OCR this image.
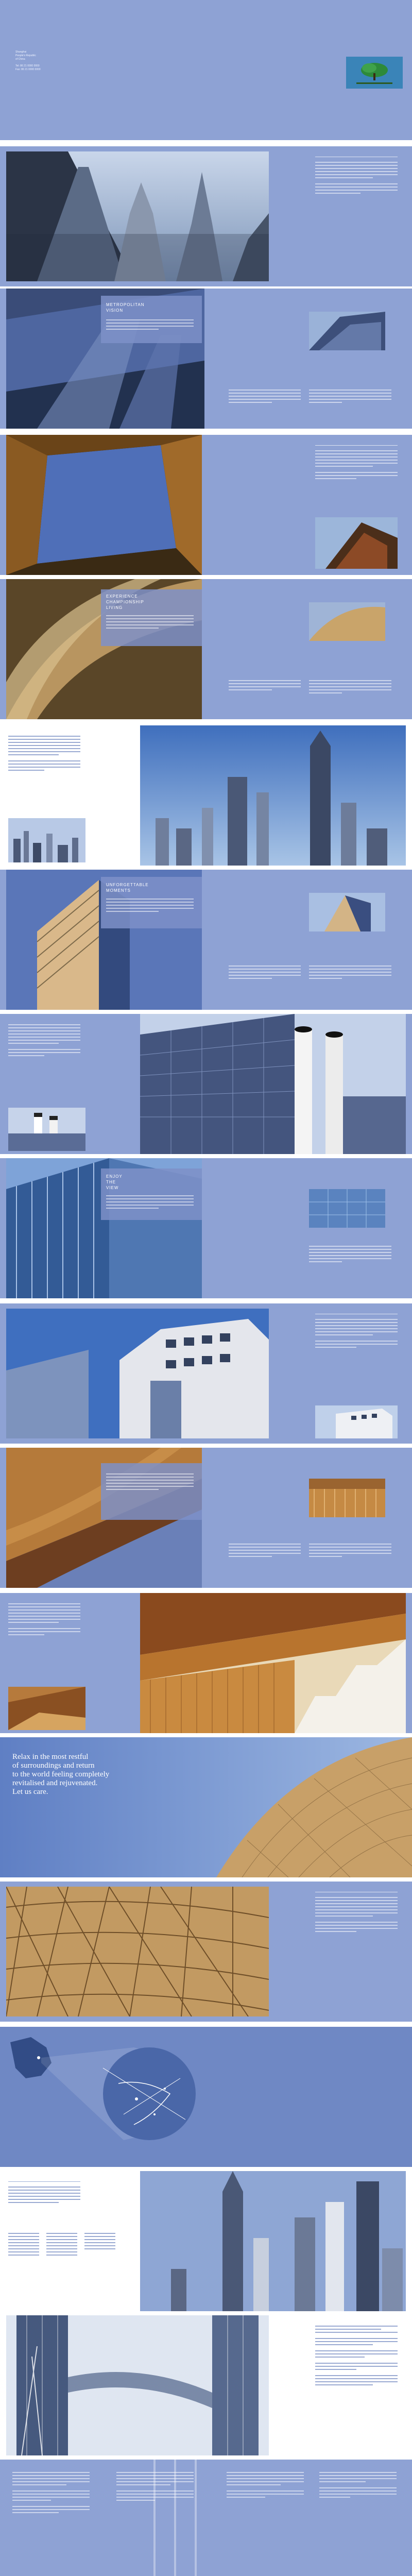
Shanghai
People's Republic
of China
Tel: 86 21 0000 0000
Fax: 86 21 0000 0000
METROPOLITAN
VISION
EXPERIENCE
CHAMPIONSHIP
LIVING
UNFORGETTABLE
MOMENTS
ENJOY
THE
VIEW
Relax in the most restful
of surroundings and return
to the world feeling completely
revitalised and rejuvenated.
Let us care.
